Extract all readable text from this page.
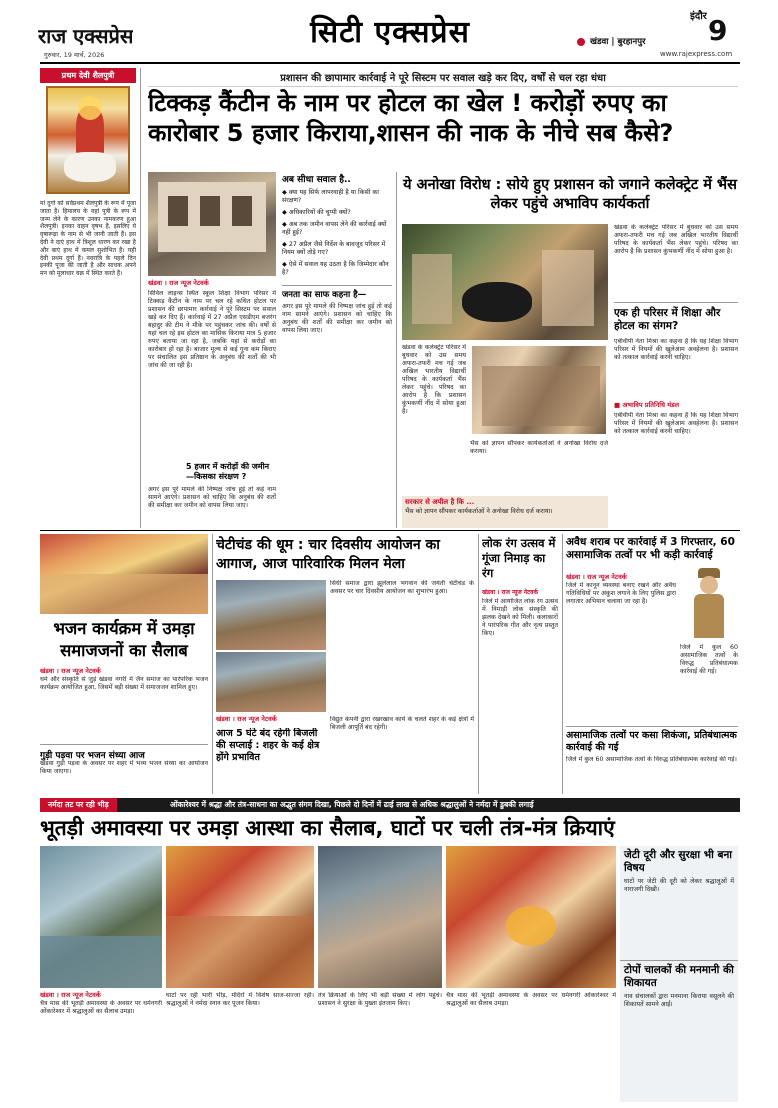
राज एक्सप्रेस
गुरुवार, 19 मार्च, 2026
सिटी एक्सप्रेस	खंडवा | बुरहानपुर
इंदौर 9
www.rajexpress.com
प्रथम देवी शैलपुत्री
मां दुर्गा को सर्वप्रथम शैलपुत्री के रूप में पूजा जाता है। हिमालय के यहां पुत्री के रूप में जन्म लेने के कारण उनका नामकरण हुआ शैलपुत्री। इनका वाहन वृषभ है, इसलिए ये वृषारूढ़ा के नाम से भी जानी जाती हैं। इस देवी ने दाएं हाथ में त्रिशूल धारण कर रखा है और बाएं हाथ में कमल सुशोभित है। यही देवी प्रथम दुर्गा हैं। नवरात्रि के पहले दिन इनकी पूजा की जाती है और साधक अपने मन को मूलाधार चक्र में स्थित करते हैं।
प्रशासन की छापामार कार्रवाई ने पूरे सिस्टम पर सवाल खड़े कर दिए, वर्षों से चल रहा धंधा
टिक्कड़ कैंटीन के नाम पर होटल का खेल ! करोड़ों रुपए का
कारोबार 5 हजार किराया,शासन की नाक के नीचे सब कैसे?
खंडवा । राज न्यूज नेटवर्क
सिविल लाइन्स स्थित स्कूल शिक्षा विभाग परिसर में टिक्कड़ कैंटीन के नाम पर चल रहे कथित होटल पर प्रशासन की छापामार कार्रवाई ने पूरे सिस्टम पर सवाल खड़े कर दिए हैं। कार्रवाई में 27 अप्रैल एसडीएम बजरंग बहादुर की टीम ने मौके पर पहुंचकर जांच की। वर्षों से यहां चल रहे इस होटल का मासिक किराया मात्र 5 हजार रुपए बताया जा रहा है, जबकि यहां से करोड़ों का कारोबार हो रहा है। बाजार मूल्य से कई गुना कम किराए पर संचालित इस प्रतिष्ठान के अनुबंध की शर्तों की भी जांच की जा रही है।
5 हजार में करोड़ों की जमीन—किसका संरक्षण ?
अगर इस पूरे मामले की निष्पक्ष जांच हुई तो कई नाम सामने आएंगे। प्रशासन को चाहिए कि अनुबंध की शर्तों की समीक्षा कर जमीन को वापस लिया जाए।
अब सीधा सवाल है..
◆ क्या यह सिर्फ लापरवाही है या किसी का संरक्षण?
◆ अधिकारियों की चुप्पी क्यों?
◆ अब तक जमीन वापस लेने की कार्रवाई क्यों नहीं हुई?
◆ 27 अप्रैल जैसे निर्देश के बावजूद परिसर में नियम क्यों तोड़े गए?
◆ ऐसे में सवाल यह उठता है कि जिम्मेदार कौन है?
जनता का साफ कहना है—
अगर इस पूरे मामले की निष्पक्ष जांच हुई तो कई नाम सामने आएंगे। प्रशासन को चाहिए कि अनुबंध की शर्तों की समीक्षा कर जमीन को वापस लिया जाए।
ये अनोखा विरोध : सोये हुए प्रशासन को जगाने कलेक्ट्रेट में भैंस लेकर पहुंचे अभाविप कार्यकर्ता
खंडवा के कलेक्ट्रेट परिसर में बुधवार को उस समय अफरा-तफरी मच गई जब अखिल भारतीय विद्यार्थी परिषद के कार्यकर्ता भैंस लेकर पहुंचे। परिषद का आरोप है कि प्रशासन कुंभकर्णी नींद में सोया हुआ है।
भैंस को ज्ञापन सौंपकर कार्यकर्ताओं ने अनोखा विरोध दर्ज कराया।
सरकार से अपील है कि ...
भैंस को ज्ञापन सौंपकर कार्यकर्ताओं ने अनोखा विरोध दर्ज कराया।
खंडवा के कलेक्ट्रेट परिसर में बुधवार को उस समय अफरा-तफरी मच गई जब अखिल भारतीय विद्यार्थी परिषद के कार्यकर्ता भैंस लेकर पहुंचे। परिषद का आरोप है कि प्रशासन कुंभकर्णी नींद में सोया हुआ है।
एक ही परिसर में शिक्षा और होटल का संगम?
एबीवीपी नेता मिश्रा का कहना है कि यह शिक्षा विभाग परिसर में नियमों की खुलेआम अवहेलना है। प्रशासन को तत्काल कार्रवाई करनी चाहिए।
■ अभाविप प्रतिनिधि मंडल
एबीवीपी नेता मिश्रा का कहना है कि यह शिक्षा विभाग परिसर में नियमों की खुलेआम अवहेलना है। प्रशासन को तत्काल कार्रवाई करनी चाहिए।
भजन कार्यक्रम में उमड़ा समाजजनों का सैलाब
खंडवा । राज न्यूज नेटवर्क
धर्म और संस्कृति से जुड़े खंडवा नगरी में जैन समाज का पारंपरिक भजन कार्यक्रम आयोजित हुआ, जिसमें बड़ी संख्या में समाजजन शामिल हुए।
गुड़ी पड़वा पर भजन संध्या आज
खंडवा गुड़ी पड़वा के अवसर पर शहर में भव्य भजन संध्या का आयोजन किया जाएगा।
चेटीचंड की धूम : चार दिवसीय आयोजन का आगाज, आज पारिवारिक मिलन मेला
खंडवा । राज न्यूज नेटवर्क
सिंधी समाज द्वारा झूलेलाल भगवान की जयंती चेटीचंड के अवसर पर चार दिवसीय आयोजन का शुभारंभ हुआ।
आज 5 घंटे बंद रहेगी बिजली की सप्लाई : शहर के कई क्षेत्र होंगे प्रभावित
विद्युत कंपनी द्वारा रखरखाव कार्य के चलते शहर के कई क्षेत्रों में बिजली आपूर्ति बंद रहेगी।
लोक रंग उत्सव में गूंजा निमाड़ का रंग
खंडवा । राज न्यूज नेटवर्क
जिले में आयोजित लोक रंग उत्सव में निमाड़ी लोक संस्कृति की झलक देखने को मिली। कलाकारों ने पारंपरिक गीत और नृत्य प्रस्तुत किए।
अवैध शराब पर कार्रवाई में 3 गिरफ्तार, 60 असामाजिक तत्वों पर भी कड़ी कार्रवाई
खंडवा । राज न्यूज नेटवर्क
जिले में कानून व्यवस्था बनाए रखने और अवैध गतिविधियों पर अंकुश लगाने के लिए पुलिस द्वारा लगातार अभियान चलाया जा रहा है।
जिले में कुल 60 असामाजिक तत्वों के विरुद्ध प्रतिबंधात्मक कार्रवाई की गई।
असामाजिक तत्वों पर कसा शिकंजा, प्रतिबंधात्मक कार्रवाई की गई
जिले में कुल 60 असामाजिक तत्वों के विरुद्ध प्रतिबंधात्मक कार्रवाई की गई।
नर्मदा तट पर रही भीड़	ओंकारेश्वर में श्रद्धा और तंत्र-साधना का अद्भुत संगम दिखा, पिछले दो दिनों में ढाई लाख से अधिक श्रद्धालुओं ने नर्मदा में डुबकी लगाई
भूतड़ी अमावस्या पर उमड़ा आस्था का सैलाब, घाटों पर चली तंत्र-मंत्र क्रियाएं
खंडवा । राज न्यूज नेटवर्क
चैत्र मास की भूतड़ी अमावस्या के अवसर पर धर्मनगरी ओंकारेश्वर में श्रद्धालुओं का सैलाब उमड़ा।
घाटों पर रही भारी भीड़, मंदिरों में विशेष साज-सज्जा रही। श्रद्धालुओं ने नर्मदा स्नान कर पूजन किया।
तंत्र क्रियाओं के लिए भी बड़ी संख्या में लोग पहुंचे। प्रशासन ने सुरक्षा के पुख्ता इंतजाम किए।
चैत्र मास की भूतड़ी अमावस्या के अवसर पर धर्मनगरी ओंकारेश्वर में श्रद्धालुओं का सैलाब उमड़ा।
जेटी दूरी और सुरक्षा भी बना विषय
घाटों पर जेटी की दूरी को लेकर श्रद्धालुओं में नाराजगी दिखी।
टोपों चालकों की मनमानी की शिकायत
नाव संचालकों द्वारा मनमाना किराया वसूलने की शिकायतें सामने आईं।
